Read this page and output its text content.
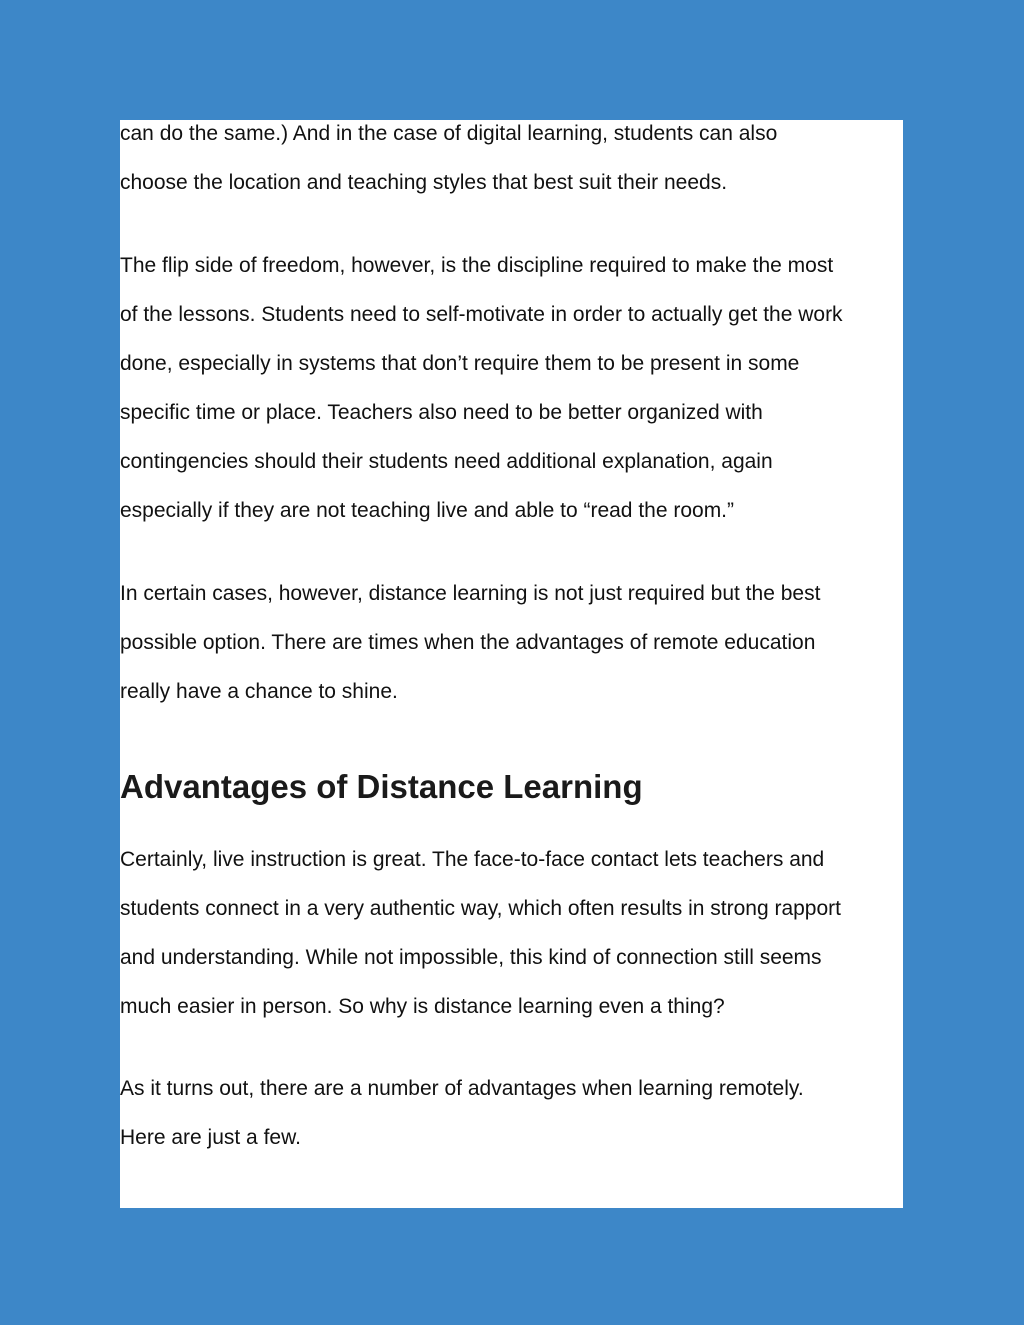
can do the same.) And in the case of digital learning, students can also
choose the location and teaching styles that best suit their needs.

The flip side of freedom, however, is the discipline required to make the most
of the lessons. Students need to self-motivate in order to actually get the work
done, especially in systems that don’t require them to be present in some
specific time or place. Teachers also need to be better organized with
contingencies should their students need additional explanation, again
especially if they are not teaching live and able to “read the room.”

In certain cases, however, distance learning is not just required but the best
possible option. There are times when the advantages of remote education
really have a chance to shine.

Advantages of Distance Learning

Certainly, live instruction is great. The face-to-face contact lets teachers and
students connect in a very authentic way, which often results in strong rapport
and understanding. While not impossible, this kind of connection still seems
much easier in person. So why is distance learning even a thing?

As it turns out, there are a number of advantages when learning remotely.
Here are just a few.
